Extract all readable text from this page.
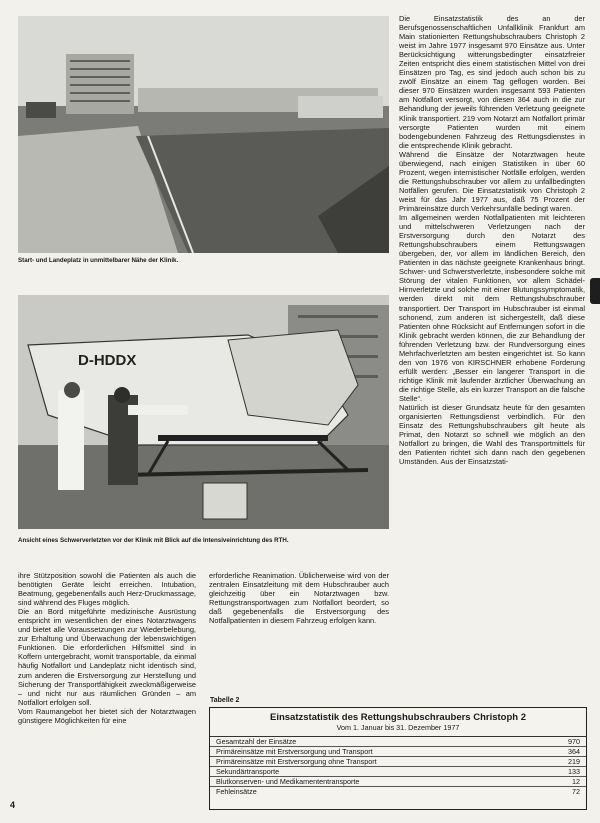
Start- und Landeplatz in unmittelbarer Nähe der Klinik.
D-HDDX
Ansicht eines Schwerverletzten vor der Klinik mit Blick auf die Intensiveinrichtung des RTH.

Die Einsatzstatistik des an der Berufsgenossenschaftlichen Unfallklinik Frankfurt am Main stationierten Rettungshubschraubers Christoph 2 weist im Jahre 1977 insgesamt 970 Einsätze aus. Unter Berücksichtigung witterungsbedingter einsatzfreier Zeiten entspricht dies einem statistischen Mittel von drei Einsätzen pro Tag, es sind jedoch auch schon bis zu zwölf Einsätze an einem Tag geflogen worden. Bei dieser 970 Einsätzen wurden insgesamt 593 Patienten am Notfallort versorgt, von diesen 364 auch in die zur Behandlung der jeweils führenden Verletzung geeignete Klinik transportiert. 219 vom Notarzt am Notfallort primär versorgte Patienten wurden mit einem bodengebundenen Fahrzeug des Rettungsdienstes in die entsprechende Klinik gebracht.

Während die Einsätze der Notarztwagen heute überwiegend, nach einigen Statistiken in über 60 Prozent, wegen internistischer Notfälle erfolgen, werden die Rettungshubschrauber vor allem zu unfallbedingten Notfällen gerufen. Die Einsatzstatistik von Christoph 2 weist für das Jahr 1977 aus, daß 75 Prozent der Primäreinsätze durch Verkehrsunfälle bedingt waren.

Im allgemeinen werden Notfallpatienten mit leichteren und mittelschweren Verletzungen nach der Erstversorgung durch den Notarzt des Rettungshubschraubers einem Rettungswagen übergeben, der, vor allem im ländlichen Bereich, den Patienten in das nächste geeignete Krankenhaus bringt. Schwer- und Schwerstverletzte, insbesondere solche mit Störung der vitalen Funktionen, vor allem Schädel-Hirnverletzte und solche mit einer Blutungssymptomatik, werden direkt mit dem Rettungshubschrauber transportiert. Der Transport im Hubschrauber ist einmal schonend, zum anderen ist sichergestellt, daß diese Patienten ohne Rücksicht auf Entfernungen sofort in die Klinik gebracht werden können, die zur Behandlung der führenden Verletzung bzw. der Rundversorgung eines Mehrfachverletzten am besten eingerichtet ist. So kann den von 1976 von KIRSCHNER erhobene Forderung erfüllt werden: „Besser ein langerer Transport in die richtige Klinik mit laufender ärztlicher Überwachung an die richtige Stelle, als ein kurzer Transport an die falsche Stelle“.

Natürlich ist dieser Grundsatz heute für den gesamten organisierten Rettungsdienst verbindlich. Für den Einsatz des Rettungshubschraubers gilt heute als Primat, den Notarzt so schnell wie möglich an den Notfallort zu bringen, die Wahl des Transportmittels für den Patienten richtet sich dann nach den gegebenen Umständen. Aus der Einsatzstati-

ihre Stützposition sowohl die Patienten als auch die benötigten Geräte leicht erreichen. Intubation, Beatmung, gegebenenfalls auch Herz-Druckmassage, sind während des Fluges möglich.

Die an Bord mitgeführte medizinische Ausrüstung entspricht im wesentlichen der eines Notarztwagens und bietet alle Voraussetzungen zur Wiederbelebung, zur Erhaltung und Überwachung der lebenswichtigen Funktionen. Die erforderlichen Hilfsmittel sind in Koffern untergebracht, womit transportable, da einmal häufig Notfallort und Landeplatz nicht identisch sind, zum anderen die Erstversorgung zur Herstellung und Sicherung der Transportfähigkeit zweckmäßigerweise – und nicht nur aus räumlichen Gründen – am Notfallort erfolgen soll.

Vom Raumangebot her bietet sich der Notarztwagen günstigere Möglichkeiten für eine

erforderliche Reanimation. Üblicherweise wird von der zentralen Einsatzleitung mit dem Hubschrauber auch gleichzeitig über ein Notarztwagen bzw. Rettungstransportwagen zum Notfallort beordert, so daß gegebenenfalls die Erstversorgung des Notfallpatienten in diesem Fahrzeug erfolgen kann.

Tabelle 2
Einsatzstatistik des Rettungshubschraubers Christoph 2
Vom 1. Januar bis 31. Dezember 1977
Gesamtzahl der Einsätze	970
Primäreinsätze mit Erstversorgung und Transport	364
Primäreinsätze mit Erstversorgung ohne Transport	219
Sekundärtransporte	133
Blutkonserven- und Medikamententransporte	12
Fehleinsätze	72
4
